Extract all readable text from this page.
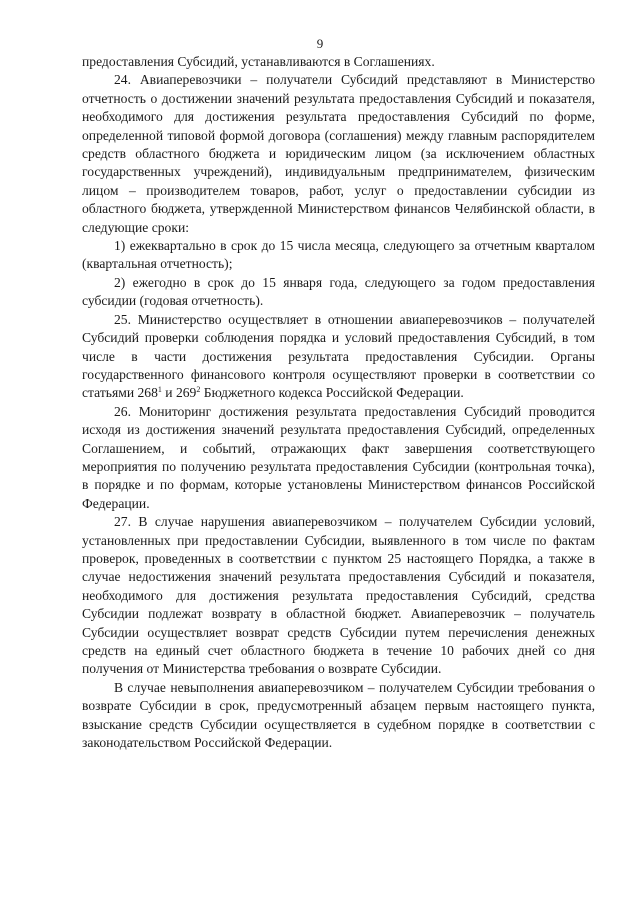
9

предоставления Субсидий, устанавливаются в Соглашениях.

24. Авиаперевозчики – получатели Субсидий представляют в Министерство отчетность о достижении значений результата предоставления Субсидий и показателя, необходимого для достижения результата предоставления Субсидий по форме, определенной типовой формой договора (соглашения) между главным распорядителем средств областного бюджета и юридическим лицом (за исключением областных государственных учреждений), индивидуальным предпринимателем, физическим лицом – производителем товаров, работ, услуг о предоставлении субсидии из областного бюджета, утвержденной Министерством финансов Челябинской области, в следующие сроки:

1) ежеквартально в срок до 15 числа месяца, следующего за отчетным кварталом (квартальная отчетность);

2) ежегодно в срок до 15 января года, следующего за годом предоставления субсидии (годовая отчетность).

25. Министерство осуществляет в отношении авиаперевозчиков – получателей Субсидий проверки соблюдения порядка и условий предоставления Субсидий, в том числе в части достижения результата предоставления Субсидии. Органы государственного финансового контроля осуществляют проверки в соответствии со статьями $268^1$ и $269^2$ Бюджетного кодекса Российской Федерации.

26. Мониторинг достижения результата предоставления Субсидий проводится исходя из достижения значений результата предоставления Субсидий, определенных Соглашением, и событий, отражающих факт завершения соответствующего мероприятия по получению результата предоставления Субсидии (контрольная точка), в порядке и по формам, которые установлены Министерством финансов Российской Федерации.

27. В случае нарушения авиаперевозчиком – получателем Субсидии условий, установленных при предоставлении Субсидии, выявленного в том числе по фактам проверок, проведенных в соответствии с пунктом 25 настоящего Порядка, а также в случае недостижения значений результата предоставления Субсидий и показателя, необходимого для достижения результата предоставления Субсидий, средства Субсидии подлежат возврату в областной бюджет. Авиаперевозчик – получатель Субсидии осуществляет возврат средств Субсидии путем перечисления денежных средств на единый счет областного бюджета в течение 10 рабочих дней со дня получения от Министерства требования о возврате Субсидии.

В случае невыполнения авиаперевозчиком – получателем Субсидии требования о возврате Субсидии в срок, предусмотренный абзацем первым настоящего пункта, взыскание средств Субсидии осуществляется в судебном порядке в соответствии с законодательством Российской Федерации.
